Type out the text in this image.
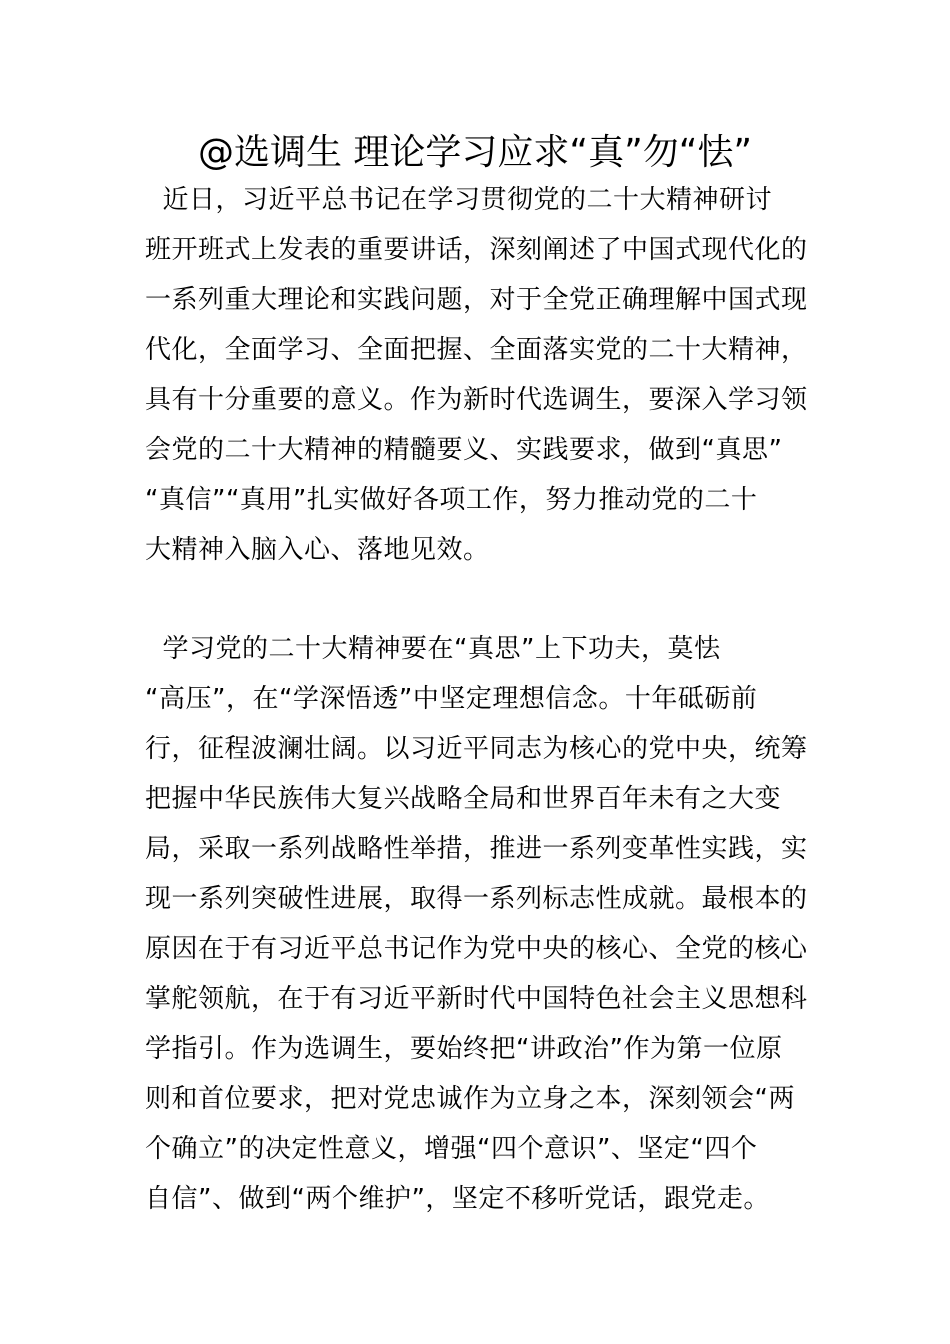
@选调生 理论学习应求“真”勿“怯”

近日，习近平总书记在学习贯彻党的二十大精神研讨
班开班式上发表的重要讲话，深刻阐述了中国式现代化的
一系列重大理论和实践问题，对于全党正确理解中国式现
代化，全面学习、全面把握、全面落实党的二十大精神，
具有十分重要的意义。作为新时代选调生，要深入学习领
会党的二十大精神的精髓要义、实践要求，做到“真思”
“真信”“真用”扎实做好各项工作，努力推动党的二十
大精神入脑入心、落地见效。

学习党的二十大精神要在“真思”上下功夫，莫怯
“高压”，在“学深悟透”中坚定理想信念。十年砥砺前
行，征程波澜壮阔。以习近平同志为核心的党中央，统筹
把握中华民族伟大复兴战略全局和世界百年未有之大变
局，采取一系列战略性举措，推进一系列变革性实践，实
现一系列突破性进展，取得一系列标志性成就。最根本的
原因在于有习近平总书记作为党中央的核心、全党的核心
掌舵领航，在于有习近平新时代中国特色社会主义思想科
学指引。作为选调生，要始终把“讲政治”作为第一位原
则和首位要求，把对党忠诚作为立身之本，深刻领会“两
个确立”的决定性意义，增强“四个意识”、坚定“四个
自信”、做到“两个维护”，坚定不移听党话，跟党走。
